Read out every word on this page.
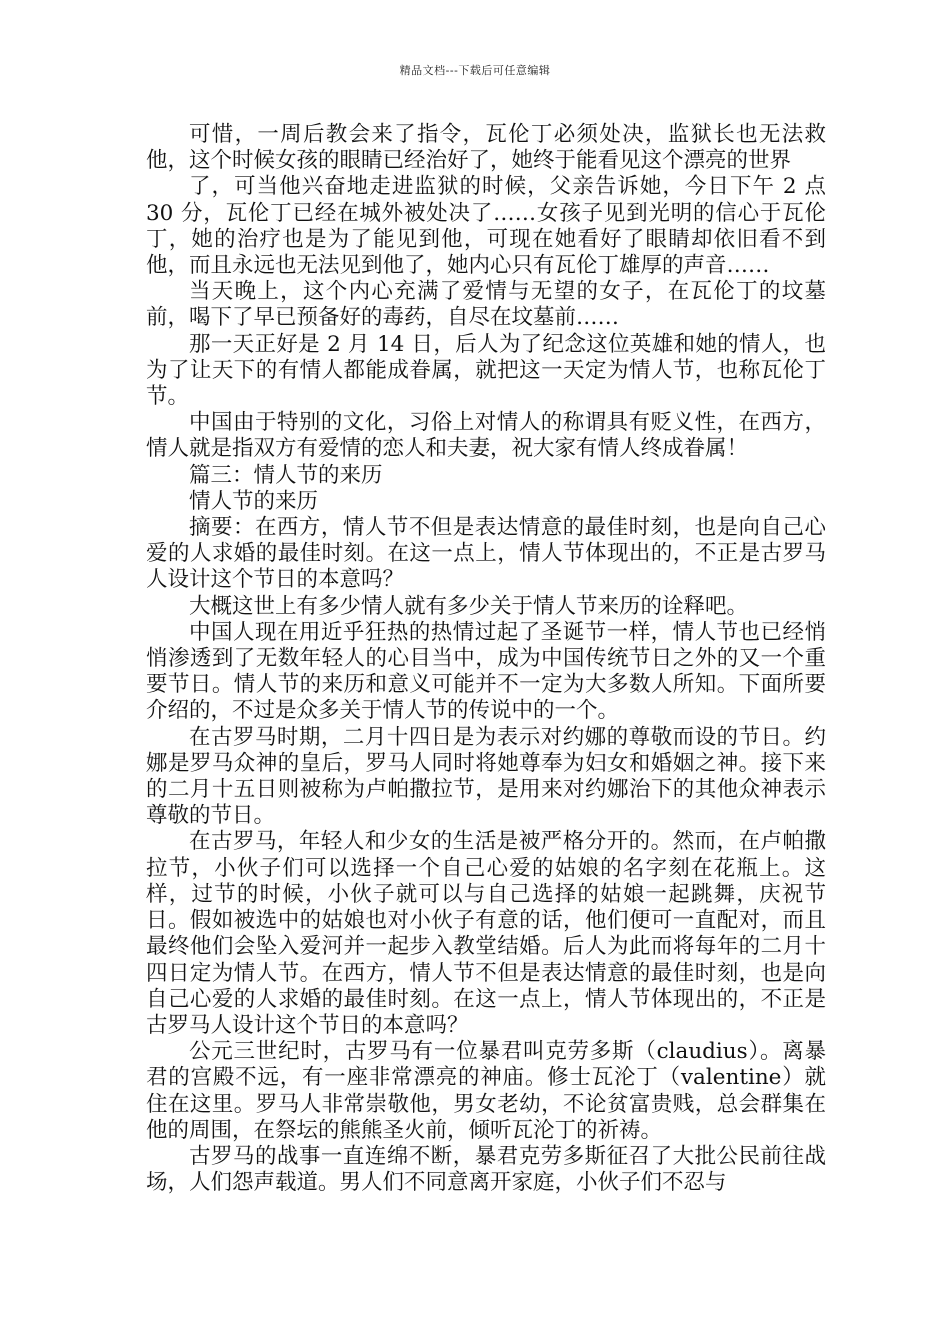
精品文档---下载后可任意编辑

可惜，一周后教会来了指令，瓦伦丁必须处决，监狱长也无法救他，这个时候女孩的眼睛已经治好了，她终于能看见这个漂亮的世界

了，可当他兴奋地走进监狱的时候，父亲告诉她，今日下午 2 点 30 分，瓦伦丁已经在城外被处决了……女孩子见到光明的信心于瓦伦丁，她的治疗也是为了能见到他，可现在她看好了眼睛却依旧看不到他，而且永远也无法见到他了，她内心只有瓦伦丁雄厚的声音……

当天晚上，这个内心充满了爱情与无望的女子，在瓦伦丁的坟墓前，喝下了早已预备好的毒药，自尽在坟墓前……

那一天正好是 2 月 14 日，后人为了纪念这位英雄和她的情人，也为了让天下的有情人都能成眷属，就把这一天定为情人节，也称瓦伦丁节。

中国由于特别的文化，习俗上对情人的称谓具有贬义性，在西方，情人就是指双方有爱情的恋人和夫妻，祝大家有情人终成眷属！

篇三：情人节的来历

情人节的来历

摘要：在西方，情人节不但是表达情意的最佳时刻，也是向自己心爱的人求婚的最佳时刻。在这一点上，情人节体现出的，不正是古罗马人设计这个节日的本意吗？

大概这世上有多少情人就有多少关于情人节来历的诠释吧。

中国人现在用近乎狂热的热情过起了圣诞节一样，情人节也已经悄悄渗透到了无数年轻人的心目当中，成为中国传统节日之外的又一个重要节日。情人节的来历和意义可能并不一定为大多数人所知。下面所要介绍的，不过是众多关于情人节的传说中的一个。

在古罗马时期，二月十四日是为表示对约娜的尊敬而设的节日。约娜是罗马众神的皇后，罗马人同时将她尊奉为妇女和婚姻之神。接下来的二月十五日则被称为卢帕撒拉节，是用来对约娜治下的其他众神表示尊敬的节日。

在古罗马，年轻人和少女的生活是被严格分开的。然而，在卢帕撒拉节，小伙子们可以选择一个自己心爱的姑娘的名字刻在花瓶上。这样，过节的时候，小伙子就可以与自己选择的姑娘一起跳舞，庆祝节日。假如被选中的姑娘也对小伙子有意的话，他们便可一直配对，而且最终他们会坠入爱河并一起步入教堂结婚。后人为此而将每年的二月十四日定为情人节。在西方，情人节不但是表达情意的最佳时刻，也是向自己心爱的人求婚的最佳时刻。在这一点上，情人节体现出的，不正是古罗马人设计这个节日的本意吗？

公元三世纪时，古罗马有一位暴君叫克劳多斯（claudius）。离暴君的宫殿不远，有一座非常漂亮的神庙。修士瓦沦丁（valentine）就住在这里。罗马人非常崇敬他，男女老幼，不论贫富贵贱，总会群集在他的周围，在祭坛的熊熊圣火前，倾听瓦沦丁的祈祷。

古罗马的战事一直连绵不断，暴君克劳多斯征召了大批公民前往战场，人们怨声载道。男人们不同意离开家庭，小伙子们不忍与
